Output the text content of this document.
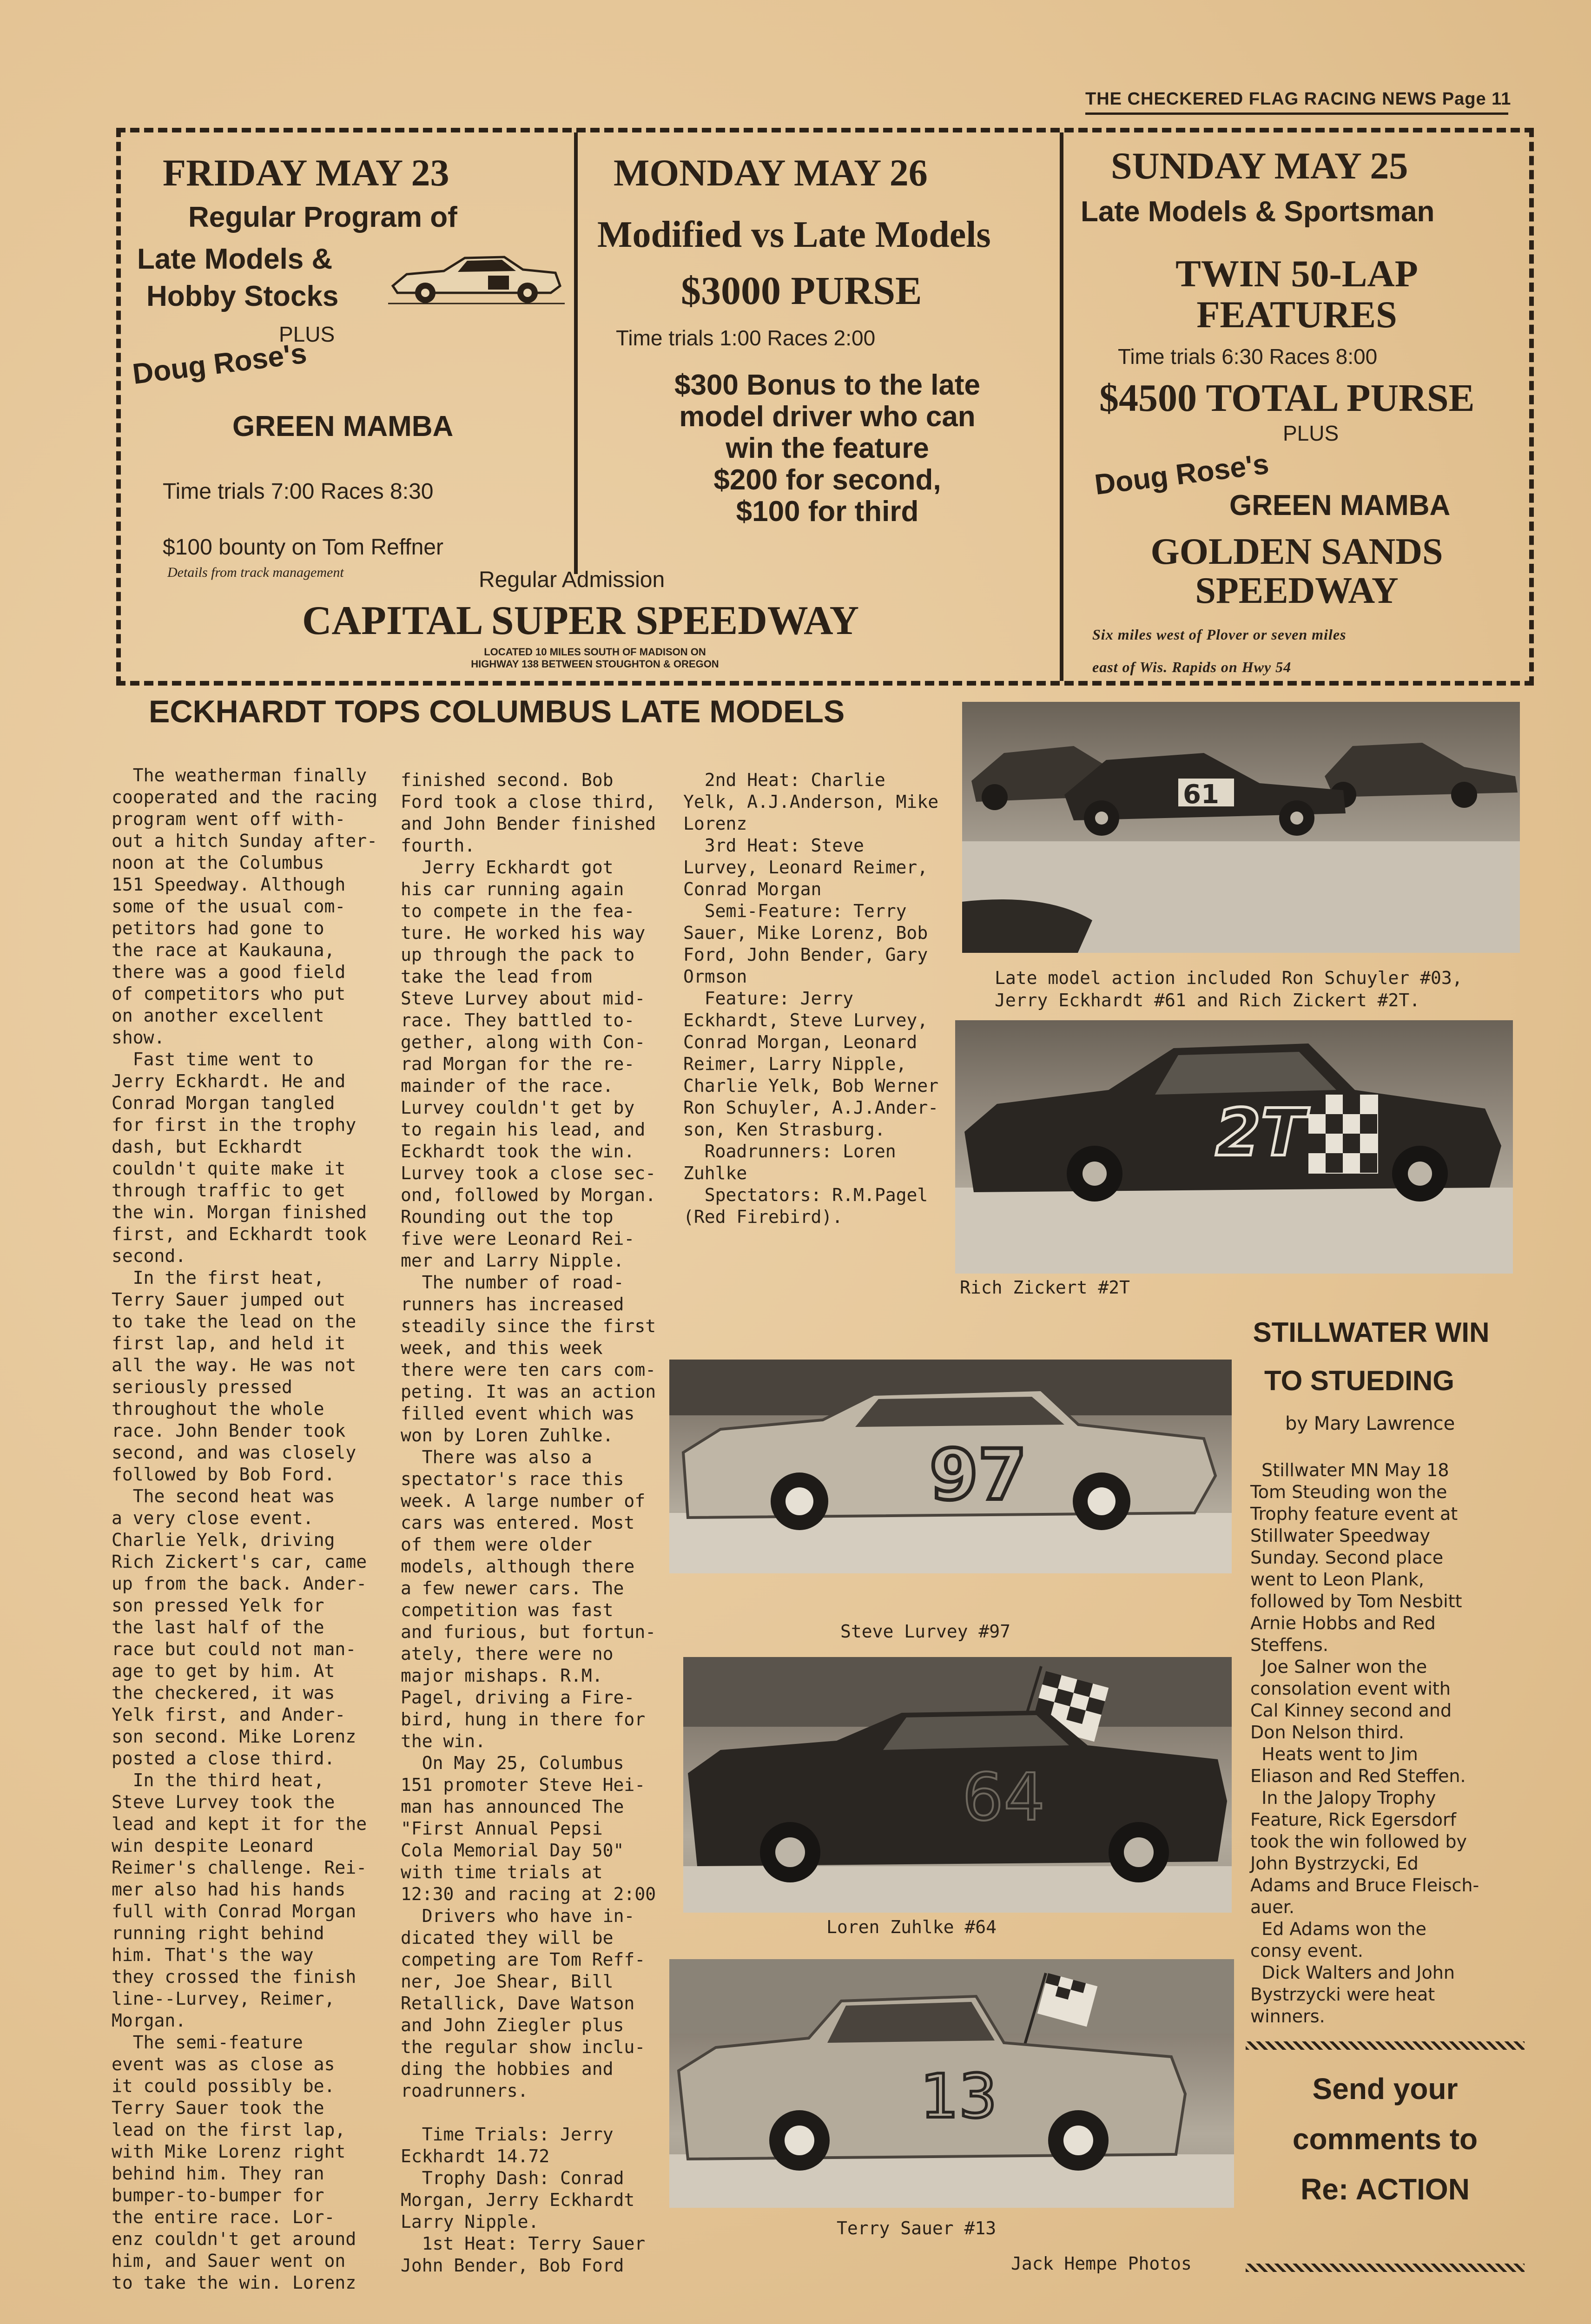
THE CHECKERED FLAG RACING NEWS Page 11
FRIDAY MAY 23
Regular Program of
Late Models &
Hobby Stocks
PLUS
Doug Rose's
GREEN MAMBA
Time trials 7:00 Races 8:30
$100 bounty on Tom Reffner
Details from track management
MONDAY MAY 26
Modified vs Late Models
$3000 PURSE
Time trials 1:00 Races 2:00
$300 Bonus to the late
model driver who can
win the feature
$200 for second,
$100 for third
Regular Admission
CAPITAL SUPER SPEEDWAY
LOCATED 10 MILES SOUTH OF MADISON ON
HIGHWAY 138 BETWEEN STOUGHTON & OREGON
SUNDAY MAY 25
Late Models & Sportsman
TWIN 50-LAP
FEATURES
Time trials 6:30 Races 8:00
$4500 TOTAL PURSE
PLUS
Doug Rose's
GREEN MAMBA
GOLDEN SANDS
SPEEDWAY
Six miles west of Plover or seven miles
east of Wis. Rapids on Hwy 54
ECKHARDT TOPS COLUMBUS LATE MODELS
The weatherman finally
cooperated and the racing
program went off with-
out a hitch Sunday after-
noon at the Columbus
151 Speedway. Although
some of the usual com-
petitors had gone to
the race at Kaukauna,
there was a good field
of competitors who put
on another excellent
show.
Fast time went to
Jerry Eckhardt. He and
Conrad Morgan tangled
for first in the trophy
dash, but Eckhardt
couldn't quite make it
through traffic to get
the win. Morgan finished
first, and Eckhardt took
second.
In the first heat,
Terry Sauer jumped out
to take the lead on the
first lap, and held it
all the way. He was not
seriously pressed
throughout the whole
race. John Bender took
second, and was closely
followed by Bob Ford.
The second heat was
a very close event.
Charlie Yelk, driving
Rich Zickert's car, came
up from the back. Ander-
son pressed Yelk for
the last half of the
race but could not man-
age to get by him. At
the checkered, it was
Yelk first, and Ander-
son second. Mike Lorenz
posted a close third.
In the third heat,
Steve Lurvey took the
lead and kept it for the
win despite Leonard
Reimer's challenge. Rei-
mer also had his hands
full with Conrad Morgan
running right behind
him. That's the way
they crossed the finish
line--Lurvey, Reimer,
Morgan.
The semi-feature
event was as close as
it could possibly be.
Terry Sauer took the
lead on the first lap,
with Mike Lorenz right
behind him. They ran
bumper-to-bumper for
the entire race. Lor-
enz couldn't get around
him, and Sauer went on
to take the win. Lorenz
finished second. Bob
Ford took a close third,
and John Bender finished
fourth.
Jerry Eckhardt got
his car running again
to compete in the fea-
ture. He worked his way
up through the pack to
take the lead from
Steve Lurvey about mid-
race. They battled to-
gether, along with Con-
rad Morgan for the re-
mainder of the race.
Lurvey couldn't get by
to regain his lead, and
Eckhardt took the win.
Lurvey took a close sec-
ond, followed by Morgan.
Rounding out the top
five were Leonard Rei-
mer and Larry Nipple.
The number of road-
runners has increased
steadily since the first
week, and this week
there were ten cars com-
peting. It was an action
filled event which was
won by Loren Zuhlke.
There was also a
spectator's race this
week. A large number of
cars was entered. Most
of them were older
models, although there
a few newer cars. The
competition was fast
and furious, but fortun-
ately, there were no
major mishaps. R.M.
Pagel, driving a Fire-
bird, hung in there for
the win.
On May 25, Columbus
151 promoter Steve Hei-
man has announced The
"First Annual Pepsi
Cola Memorial Day 50"
with time trials at
12:30 and racing at 2:00
Drivers who have in-
dicated they will be
competing are Tom Reff-
ner, Joe Shear, Bill
Retallick, Dave Watson
and John Ziegler plus
the regular show inclu-
ding the hobbies and
roadrunners.

Time Trials: Jerry
Eckhardt 14.72
Trophy Dash: Conrad
Morgan, Jerry Eckhardt
Larry Nipple.
1st Heat: Terry Sauer
John Bender, Bob Ford
2nd Heat: Charlie
Yelk, A.J.Anderson, Mike
Lorenz
3rd Heat: Steve
Lurvey, Leonard Reimer,
Conrad Morgan
Semi-Feature: Terry
Sauer, Mike Lorenz, Bob
Ford, John Bender, Gary
Ormson
Feature: Jerry
Eckhardt, Steve Lurvey,
Conrad Morgan, Leonard
Reimer, Larry Nipple,
Charlie Yelk, Bob Werner
Ron Schuyler, A.J.Ander-
son, Ken Strasburg.
Roadrunners: Loren
Zuhlke
Spectators: R.M.Pagel
(Red Firebird).
61
Late model action included Ron Schuyler #03,
Jerry Eckhardt #61 and Rich Zickert #2T.
2T
Rich Zickert #2T
STILLWATER WIN
TO STUEDING
by Mary Lawrence
Stillwater MN May 18
Tom Steuding won the
Trophy feature event at
Stillwater Speedway
Sunday. Second place
went to Leon Plank,
followed by Tom Nesbitt
Arnie Hobbs and Red
Steffens.
Joe Salner won the
consolation event with
Cal Kinney second and
Don Nelson third.
Heats went to Jim
Eliason and Red Steffen.
In the Jalopy Trophy
Feature, Rick Egersdorf
took the win followed by
John Bystrzycki, Ed
Adams and Bruce Fleisch-
auer.
Ed Adams won the
consy event.
Dick Walters and John
Bystrzycki were heat
winners.
Send your
comments to
Re: ACTION
97
Steve Lurvey #97
64
Loren Zuhlke #64
13
Terry Sauer #13
Jack Hempe Photos
